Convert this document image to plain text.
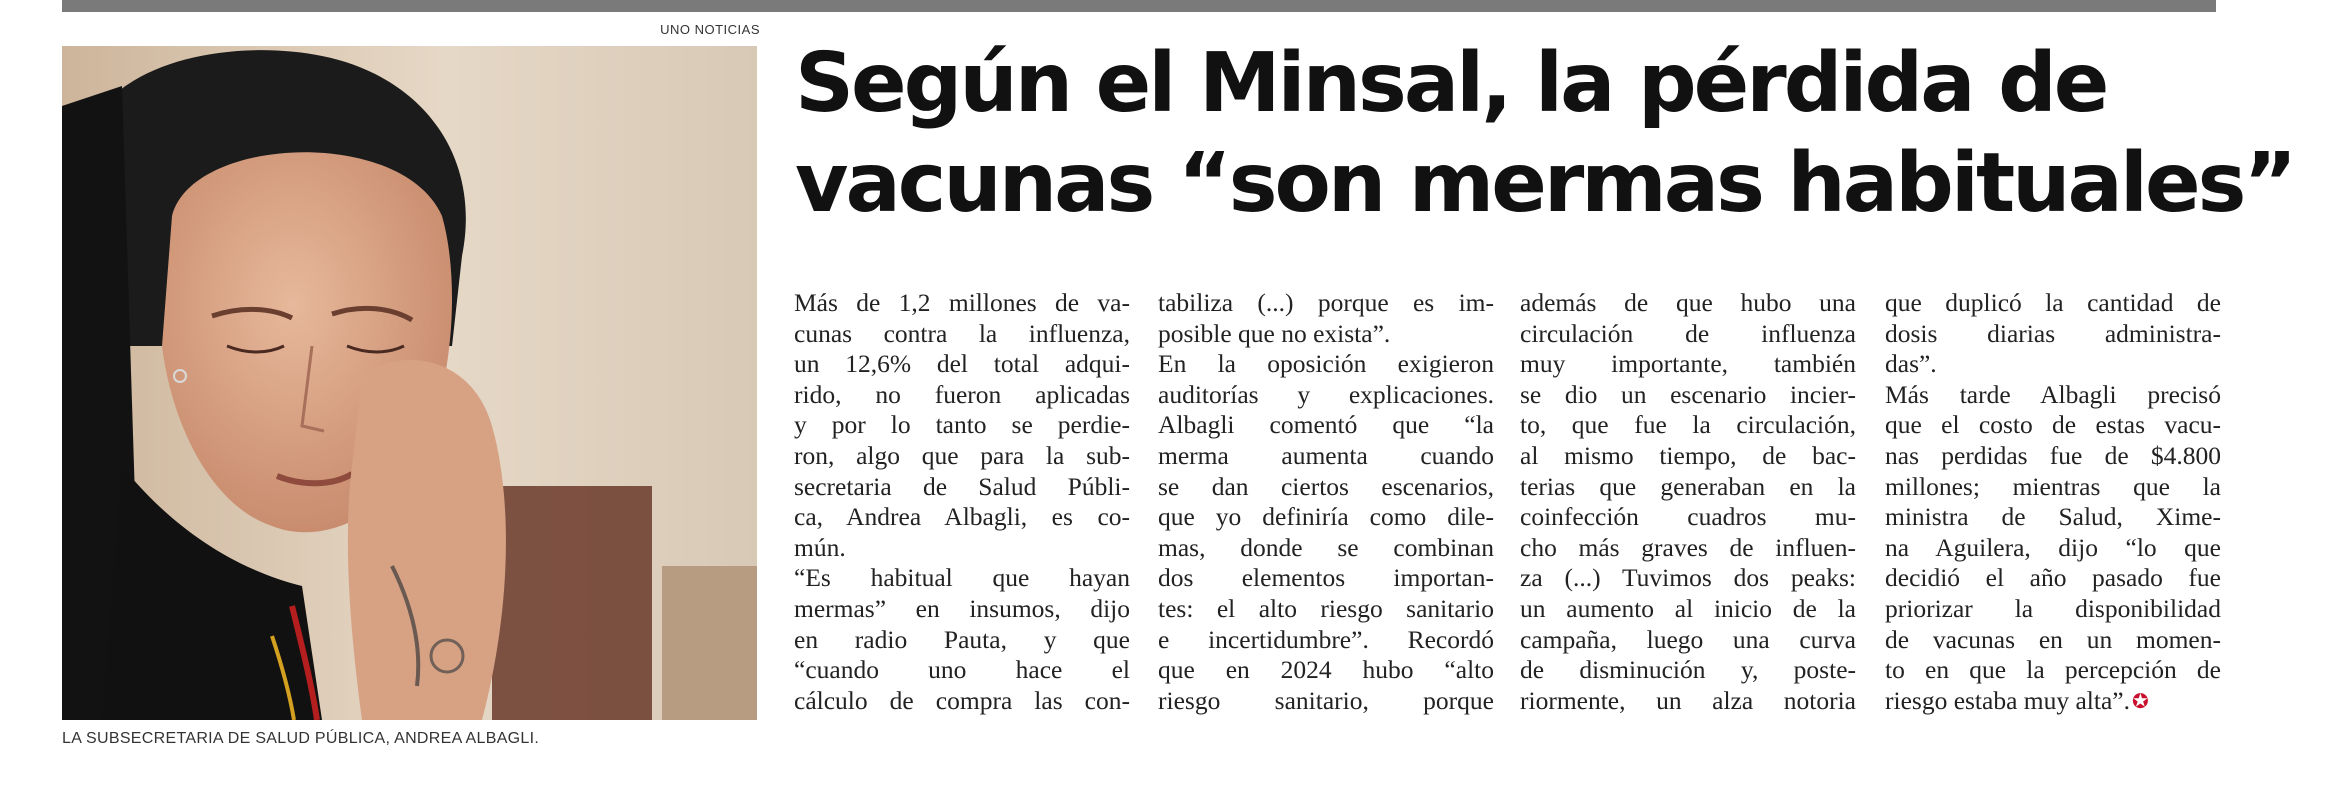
UNO NOTICIAS
LA SUBSECRETARIA DE SALUD PÚBLICA, ANDREA ALBAGLI.
Según el Minsal, la pérdida de
vacunas “son mermas habituales”
Más de 1,2 millones de va-
cunas contra la influenza,
un 12,6% del total adqui-
rido, no fueron aplicadas
y por lo tanto se perdie-
ron, algo que para la sub-
secretaria de Salud Públi-
ca, Andrea Albagli, es co-
mún.
“Es habitual que hayan
mermas” en insumos, dijo
en radio Pauta, y que
“cuando uno hace el
cálculo de compra las con-
tabiliza (...) porque es im-
posible que no exista”.
En la oposición exigieron
auditorías y explicaciones.
Albagli comentó que “la
merma aumenta cuando
se dan ciertos escenarios,
que yo definiría como dile-
mas, donde se combinan
dos elementos importan-
tes: el alto riesgo sanitario
e incertidumbre”. Recordó
que en 2024 hubo “alto
riesgo sanitario, porque
además de que hubo una
circulación de influenza
muy importante, también
se dio un escenario incier-
to, que fue la circulación,
al mismo tiempo, de bac-
terias que generaban en la
coinfección cuadros mu-
cho más graves de influen-
za (...) Tuvimos dos peaks:
un aumento al inicio de la
campaña, luego una curva
de disminución y, poste-
riormente, un alza notoria
que duplicó la cantidad de
dosis diarias administra-
das”.
Más tarde Albagli precisó
que el costo de estas vacu-
nas perdidas fue de $4.800
millones; mientras que la
ministra de Salud, Xime-
na Aguilera, dijo “lo que
decidió el año pasado fue
priorizar la disponibilidad
de vacunas en un momen-
to en que la percepción de
riesgo estaba muy alta”. ✪
